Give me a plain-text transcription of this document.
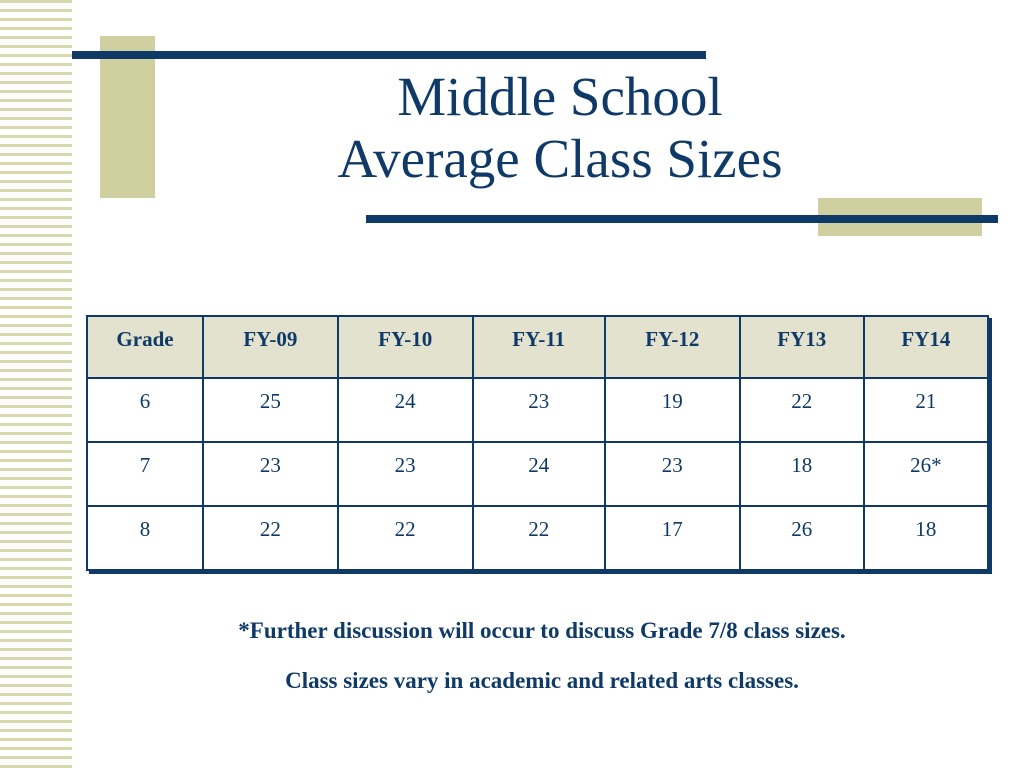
Middle School
Average Class Sizes
Grade	FY-09	FY-10	FY-11	FY-12	FY13	FY14
6	25	24	23	19	22	21
7	23	23	24	23	18	26*
8	22	22	22	17	26	18
*Further discussion will occur to discuss Grade 7/8 class sizes.
Class sizes vary in academic and related arts classes.
